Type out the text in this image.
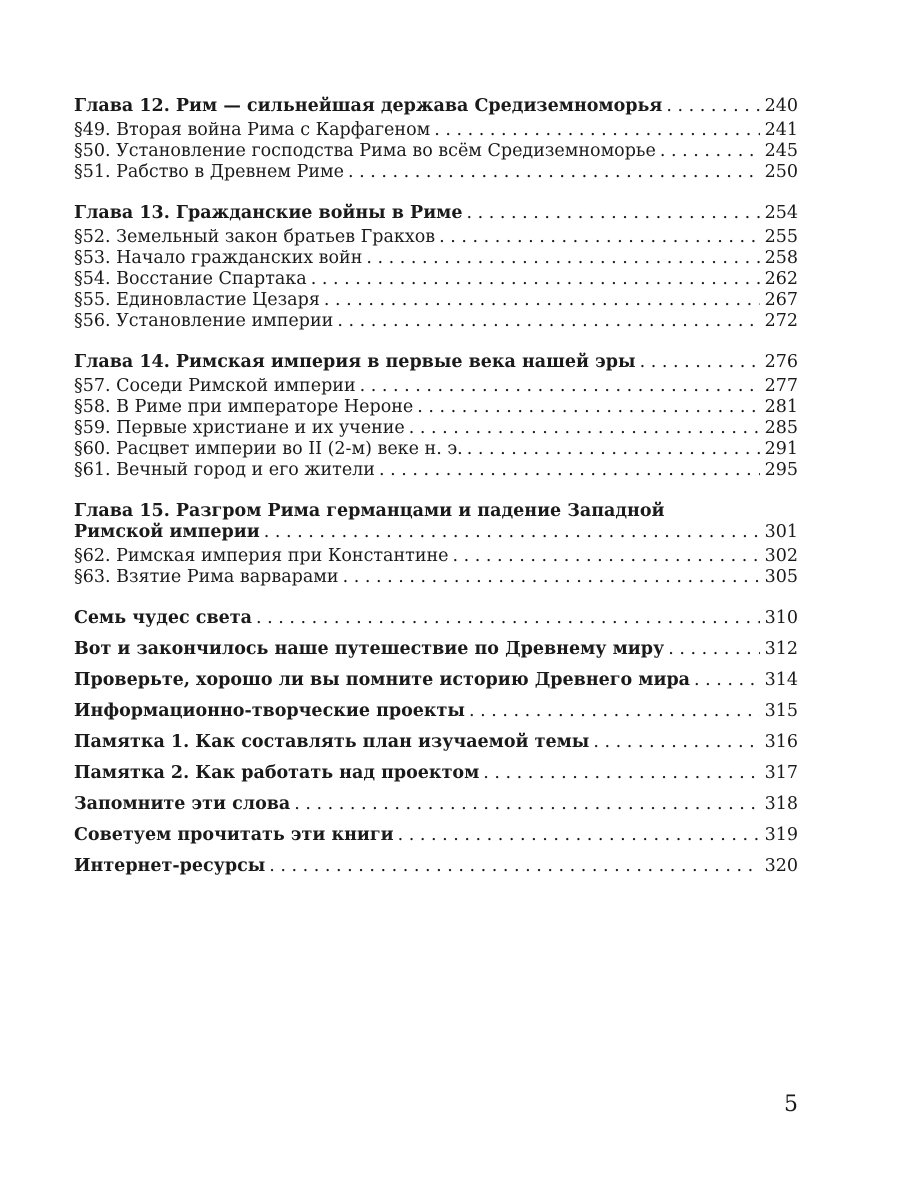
Глава 12. Рим — сильнейшая держава Средиземноморья . . .	240
§49. Вторая война Рима с Карфагеном . . .	241
§50. Установление господства Рима во всём Средиземноморье . . .	245
§51. Рабство в Древнем Риме . . .	250
Глава 13. Гражданские войны в Риме . . .	254
§52. Земельный закон братьев Гракхов . . .	255
§53. Начало гражданских войн . . .	258
§54. Восстание Спартака . . .	262
§55. Единовластие Цезаря . . .	267
§56. Установление империи . . .	272
Глава 14. Римская империя в первые века нашей эры . . .	276
§57. Соседи Римской империи . . .	277
§58. В Риме при императоре Нероне . . .	281
§59. Первые христиане и их учение . . .	285
§60. Расцвет империи во II (2-м) веке н. э. . . .	291
§61. Вечный город и его жители . . .	295
Глава 15. Разгром Рима германцами и падение Западной
Римской империи . . .	301
§62. Римская империя при Константине . . .	302
§63. Взятие Рима варварами . . .	305
Семь чудес света . . .	310
Вот и закончилось наше путешествие по Древнему миру . . .	312
Проверьте, хорошо ли вы помните историю Древнего мира . . .	314
Информационно-творческие проекты . . .	315
Памятка 1. Как составлять план изучаемой темы . . .	316
Памятка 2. Как работать над проектом . . .	317
Запомните эти слова . . .	318
Советуем прочитать эти книги . . .	319
Интернет-ресурсы . . .	320
5
